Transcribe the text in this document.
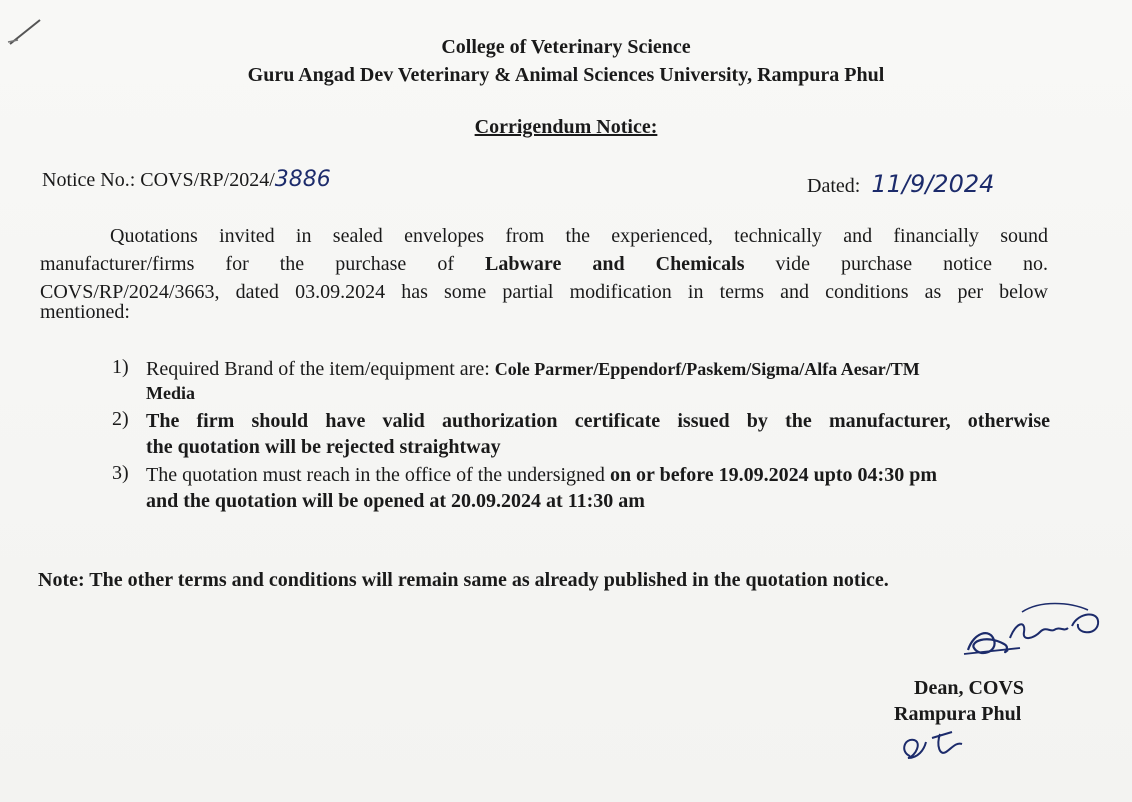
College of Veterinary Science
Guru Angad Dev Veterinary & Animal Sciences University, Rampura Phul
Corrigendum Notice:
Notice No.: COVS/RP/2024/3886	Dated: 11/9/2024
Quotations invited in sealed envelopes from the experienced, technically and financially sound
manufacturer/firms for the purchase of Labware and Chemicals vide purchase notice no.
COVS/RP/2024/3663, dated 03.09.2024 has some partial modification in terms and conditions as per below
mentioned:
1) Required Brand of the item/equipment are: Cole Parmer/Eppendorf/Paskem/Sigma/Alfa Aesar/TM
Media
2) The firm should have valid authorization certificate issued by the manufacturer, otherwise
the quotation will be rejected straightway
3) The quotation must reach in the office of the undersigned on or before 19.09.2024 upto 04:30 pm
and the quotation will be opened at 20.09.2024 at 11:30 am
Note: The other terms and conditions will remain same as already published in the quotation notice.
Dean, COVS
Rampura Phul
